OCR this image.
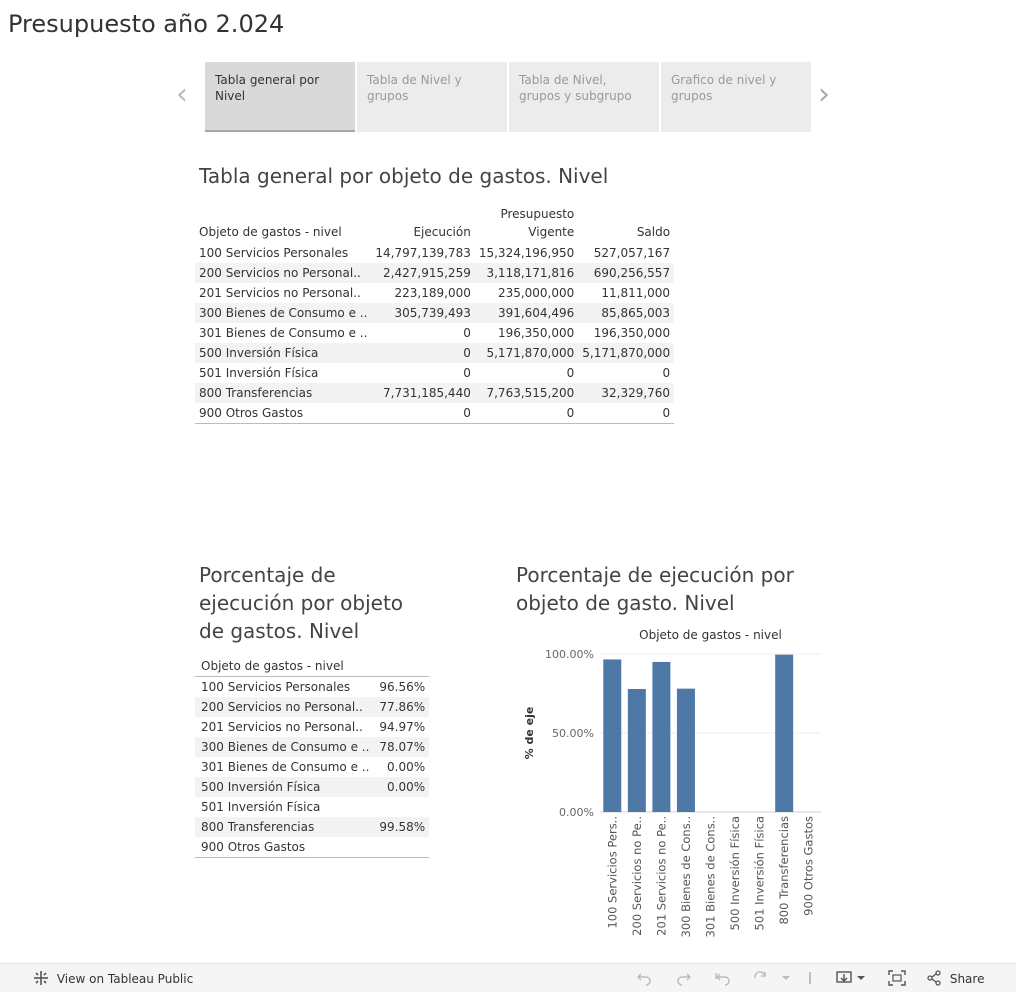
Presupuesto año 2.024
‹	Tabla general por Nivel
Tabla de Nivel y grupos
Tabla de Nivel, grupos y subgrupo
Grafico de nivel y grupos	›
Tabla general por objeto de gastos. Nivel
Objeto de gastos - nivel	Ejecución	Presupuesto
Vigente	Saldo
100 Servicios Personales	14,797,139,783	15,324,196,950	527,057,167
200 Servicios no Personal..	2,427,915,259	3,118,171,816	690,256,557
201 Servicios no Personal..	223,189,000	235,000,000	11,811,000
300 Bienes de Consumo e ..	305,739,493	391,604,496	85,865,003
301 Bienes de Consumo e ..	0	196,350,000	196,350,000
500 Inversión Física	0	5,171,870,000	5,171,870,000
501 Inversión Física	0	0	0
800 Transferencias	7,731,185,440	7,763,515,200	32,329,760
900 Otros Gastos	0	0	0
Porcentaje de
ejecución por objeto
de gastos. Nivel
Objeto de gastos - nivel	
100 Servicios Personales	96.56%
200 Servicios no Personal..	77.86%
201 Servicios no Personal..	94.97%
300 Bienes de Consumo e ..	78.07%
301 Bienes de Consumo e ..	0.00%
500 Inversión Física	0.00%
501 Inversión Física	
800 Transferencias	99.58%
900 Otros Gastos	
Porcentaje de ejecución por
objeto de gasto. Nivel
Objeto de gastos - nivel
0.00%
50.00%
100.00%
% de eje
100 Servicios Pers.. 200 Servicios no Pe.. 201 Servicios no Pe.. 300 Bienes de Cons.. 301 Bienes de Cons.. 500 Inversión Física 501 Inversión Física 800 Transferencias 900 Otros Gastos
View on Tableau Public	Share
